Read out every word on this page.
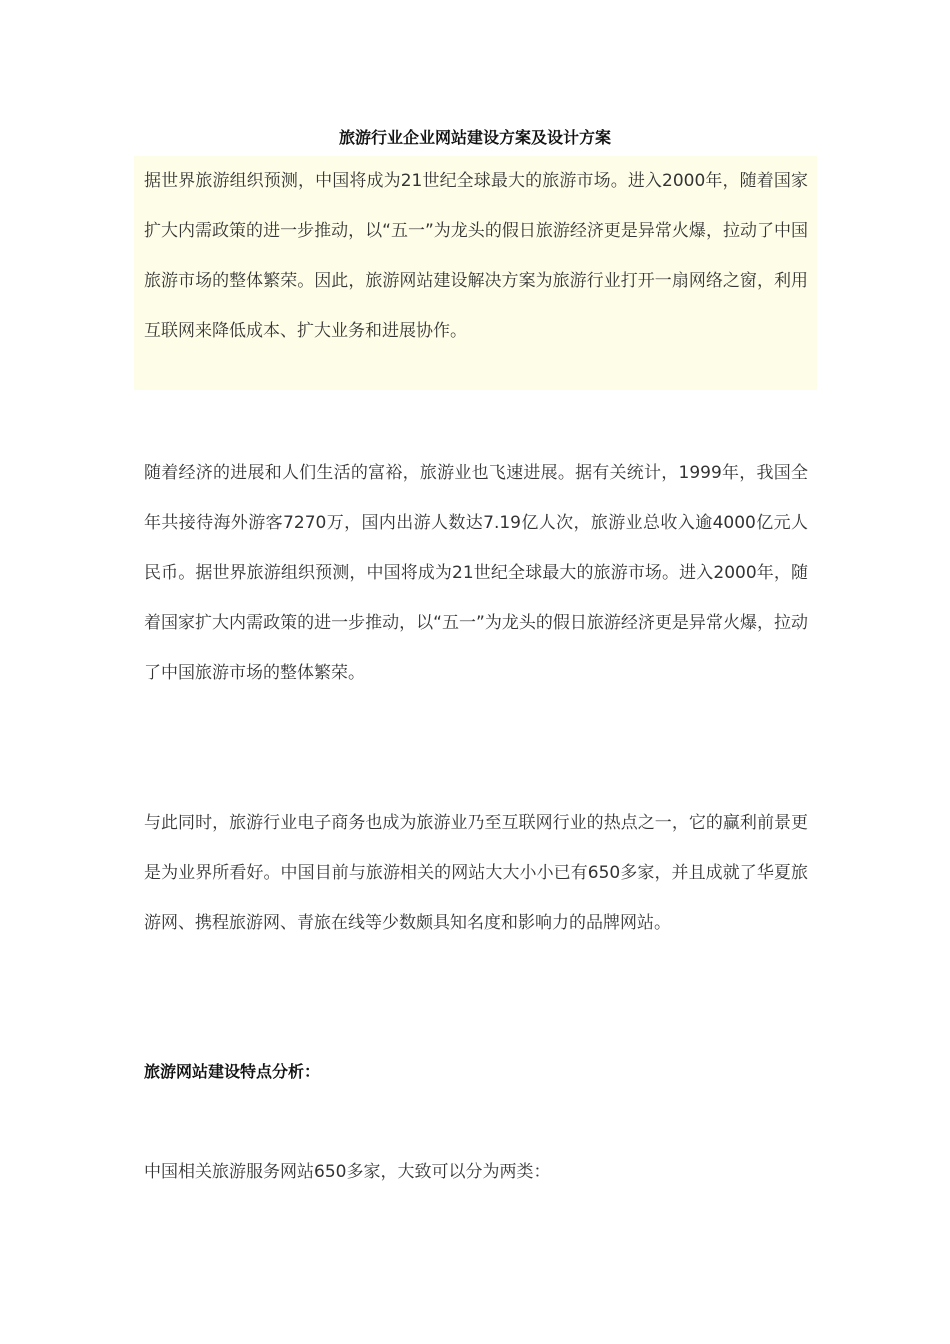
旅游行业企业网站建设方案及设计方案

据世界旅游组织预测，中国将成为21世纪全球最大的旅游市场。进入2000年，随着国家扩大内需政策的进一步推动，以“五一”为龙头的假日旅游经济更是异常火爆，拉动了中国旅游市场的整体繁荣。因此，旅游网站建设解决方案为旅游行业打开一扇网络之窗，利用互联网来降低成本、扩大业务和进展协作。

随着经济的进展和人们生活的富裕，旅游业也飞速进展。据有关统计，1999年，我国全年共接待海外游客7270万，国内出游人数达7.19亿人次，旅游业总收入逾4000亿元人民币。据世界旅游组织预测，中国将成为21世纪全球最大的旅游市场。进入2000年，随着国家扩大内需政策的进一步推动，以“五一”为龙头的假日旅游经济更是异常火爆，拉动了中国旅游市场的整体繁荣。

与此同时，旅游行业电子商务也成为旅游业乃至互联网行业的热点之一，它的赢利前景更是为业界所看好。中国目前与旅游相关的网站大大小小已有650多家，并且成就了华夏旅游网、携程旅游网、青旅在线等少数颇具知名度和影响力的品牌网站。

旅游网站建设特点分析：

中国相关旅游服务网站650多家，大致可以分为两类：
